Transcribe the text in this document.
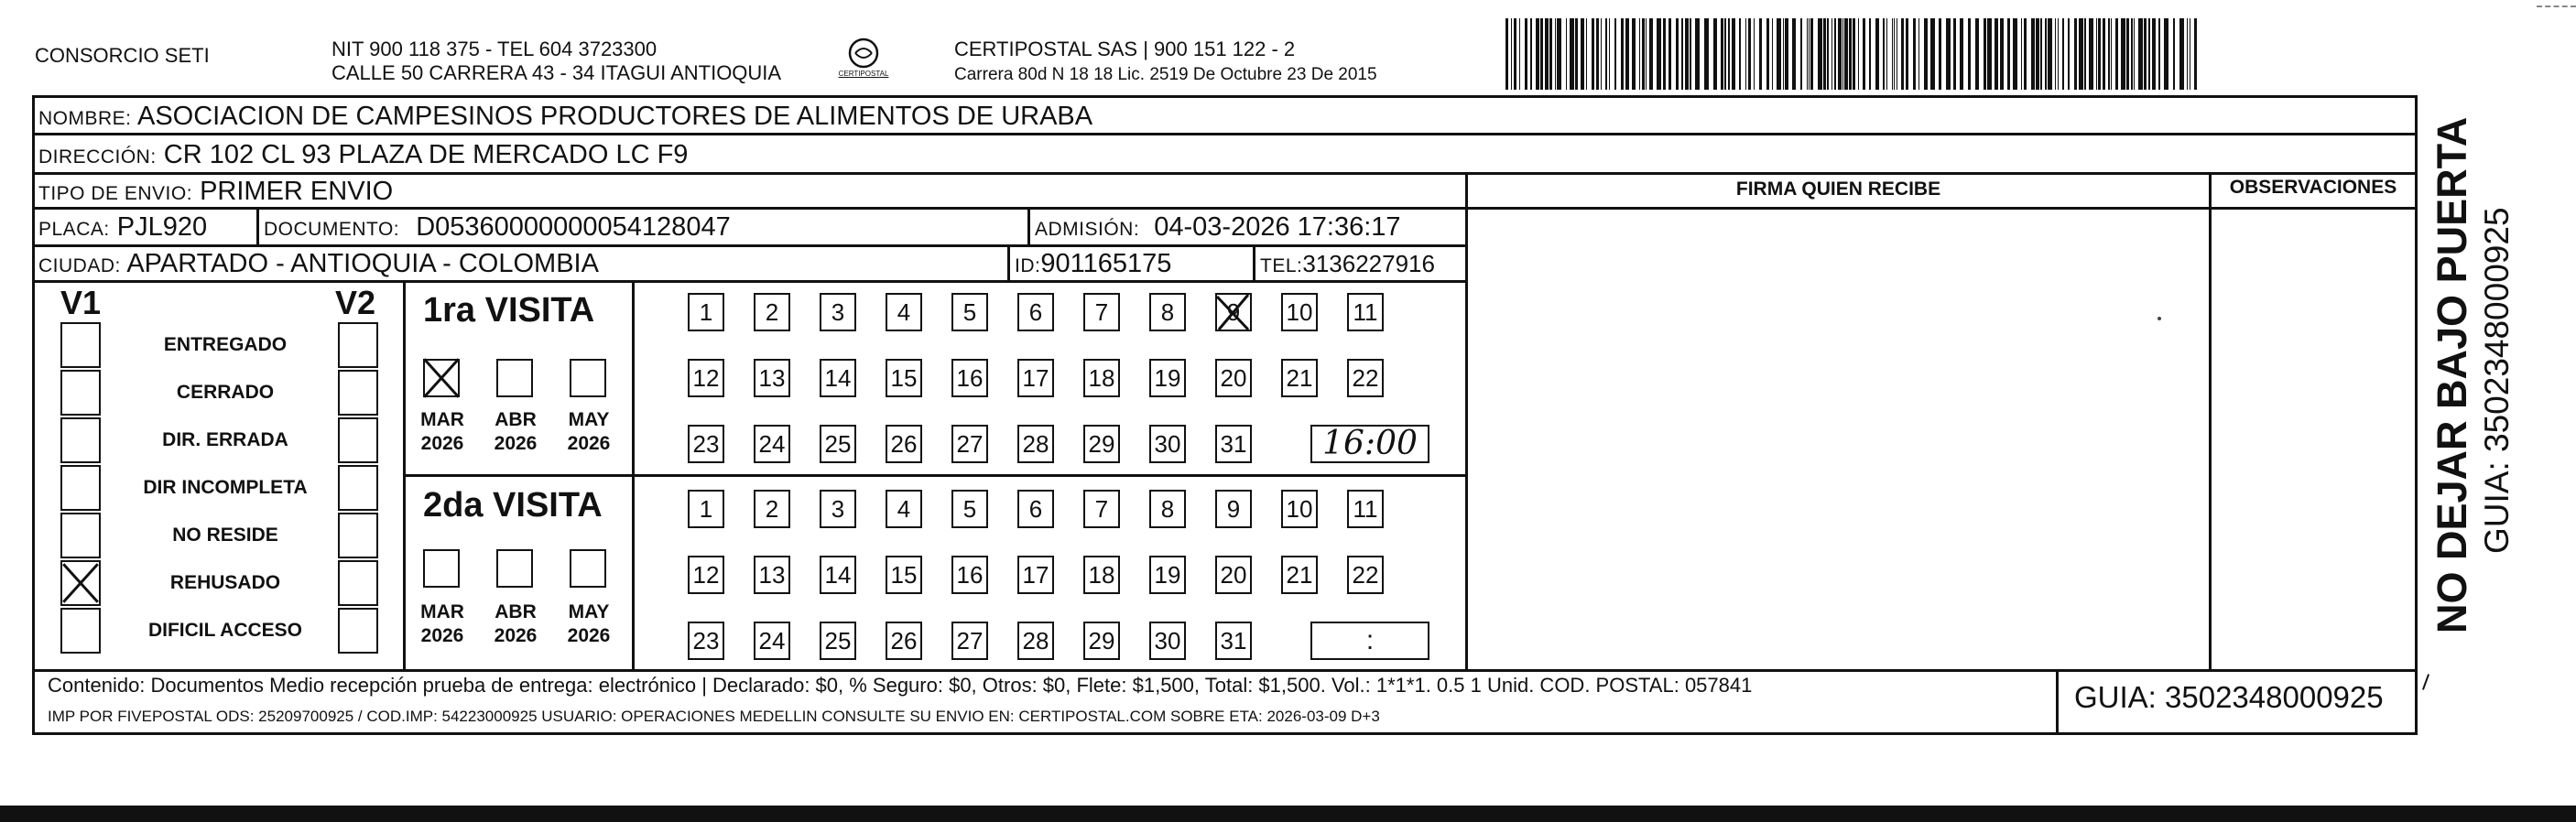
CONSORCIO SETI	NIT 900 118 375 - TEL 604 3723300
CALLE 50 CARRERA 43 - 34 ITAGUI ANTIOQUIA	CERTIPOSTAL
CERTIPOSTAL SAS | 900 151 122 - 2
Carrera 80d N 18 18 Lic. 2519 De Octubre 23 De 2015
NOMBRE: ASOCIACION DE CAMPESINOS PRODUCTORES DE ALIMENTOS DE URABA
DIRECCIÓN: CR 102 CL 93 PLAZA DE MERCADO LC F9
TIPO DE ENVIO: PRIMER ENVIO
PLACA: PJL920	DOCUMENTO: D05360000000054128047	ADMISIÓN: 04-03-2026 17:36:17
CIUDAD: APARTADO - ANTIOQUIA - COLOMBIA	ID:901165175	TEL:3136227916
FIRMA QUIEN RECIBE	OBSERVACIONES
V1	V2
ENTREGADO
CERRADO
DIR. ERRADA
DIR INCOMPLETA
NO RESIDE
REHUSADO
DIFICIL ACCESO
1ra VISITA
MAR
2026
ABR
2026
MAY
2026
1	2	3	4	5	6	7	8	9	10 11
12 13 14 15 16 17 18 19 20 21 22
23 24 25 26 27 28 29 30 31	16:00
2da VISITA
MAR
2026
ABR
2026
MAY
2026
1	2	3	4	5	6	7	8	9	10 11
12 13 14 15 16 17 18 19 20 21 22
23 24 25 26 27 28 29 30 31	:
Contenido: Documentos Medio recepción prueba de entrega: electrónico | Declarado: $0, % Seguro: $0, Otros: $0, Flete: $1,500, Total: $1,500. Vol.: 1*1*1. 0.5 1 Unid. COD. POSTAL: 057841
IMP POR FIVEPOSTAL ODS: 25209700925 / COD.IMP: 54223000925 USUARIO: OPERACIONES MEDELLIN CONSULTE SU ENVIO EN: CERTIPOSTAL.COM SOBRE ETA: 2026-03-09 D+3
GUIA: 3502348000925
NO DEJAR BAJO PUERTA GUIA: 3502348000925
